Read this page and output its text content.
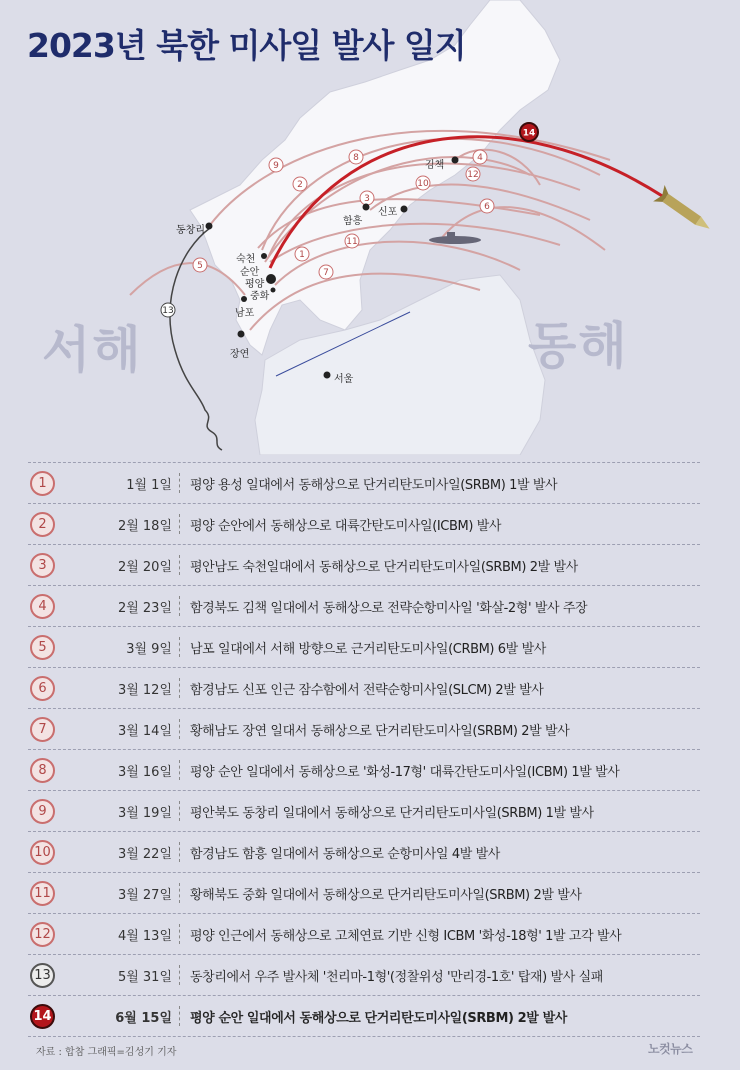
9
8
2
3
4
12
10
6
1
11
7
5
13
14
서해	동해
동창리
김책
함흥
신포
숙천
순안
평양
중화
남포
장연
서울
2023년 북한 미사일 발사 일지
1	1월 1일 평양 용성 일대에서 동해상으로 단거리탄도미사일(SRBM) 1발 발사
2	2월 18일 평양 순안에서 동해상으로 대륙간탄도미사일(ICBM) 발사
3	2월 20일 평안남도 숙천일대에서 동해상으로 단거리탄도미사일(SRBM) 2발 발사
4	2월 23일 함경북도 김책 일대에서 동해상으로 전략순항미사일 '화살-2형' 발사 주장
5	3월 9일 남포 일대에서 서해 방향으로 근거리탄도미사일(CRBM) 6발 발사
6	3월 12일 함경남도 신포 인근 잠수함에서 전략순항미사일(SLCM) 2발 발사
7	3월 14일 황해남도 장연 일대서 동해상으로 단거리탄도미사일(SRBM) 2발 발사
8	3월 16일 평양 순안 일대에서 동해상으로 '화성-17형' 대륙간탄도미사일(ICBM) 1발 발사
9	3월 19일 평안북도 동창리 일대에서 동해상으로 단거리탄도미사일(SRBM) 1발 발사
10	3월 22일 함경남도 함흥 일대에서 동해상으로 순항미사일 4발 발사
11	3월 27일 황해북도 중화 일대에서 동해상으로 단거리탄도미사일(SRBM) 2발 발사
12	4월 13일 평양 인근에서 동해상으로 고체연료 기반 신형 ICBM '화성-18형' 1발 고각 발사
13	5월 31일 동창리에서 우주 발사체 '천리마-1형'(정찰위성 '만리경-1호' 탑재) 발사 실패
14	6월 15일 평양 순안 일대에서 동해상으로 단거리탄도미사일(SRBM) 2발 발사
자료 : 합참 그래픽=김성기 기자	노컷뉴스
